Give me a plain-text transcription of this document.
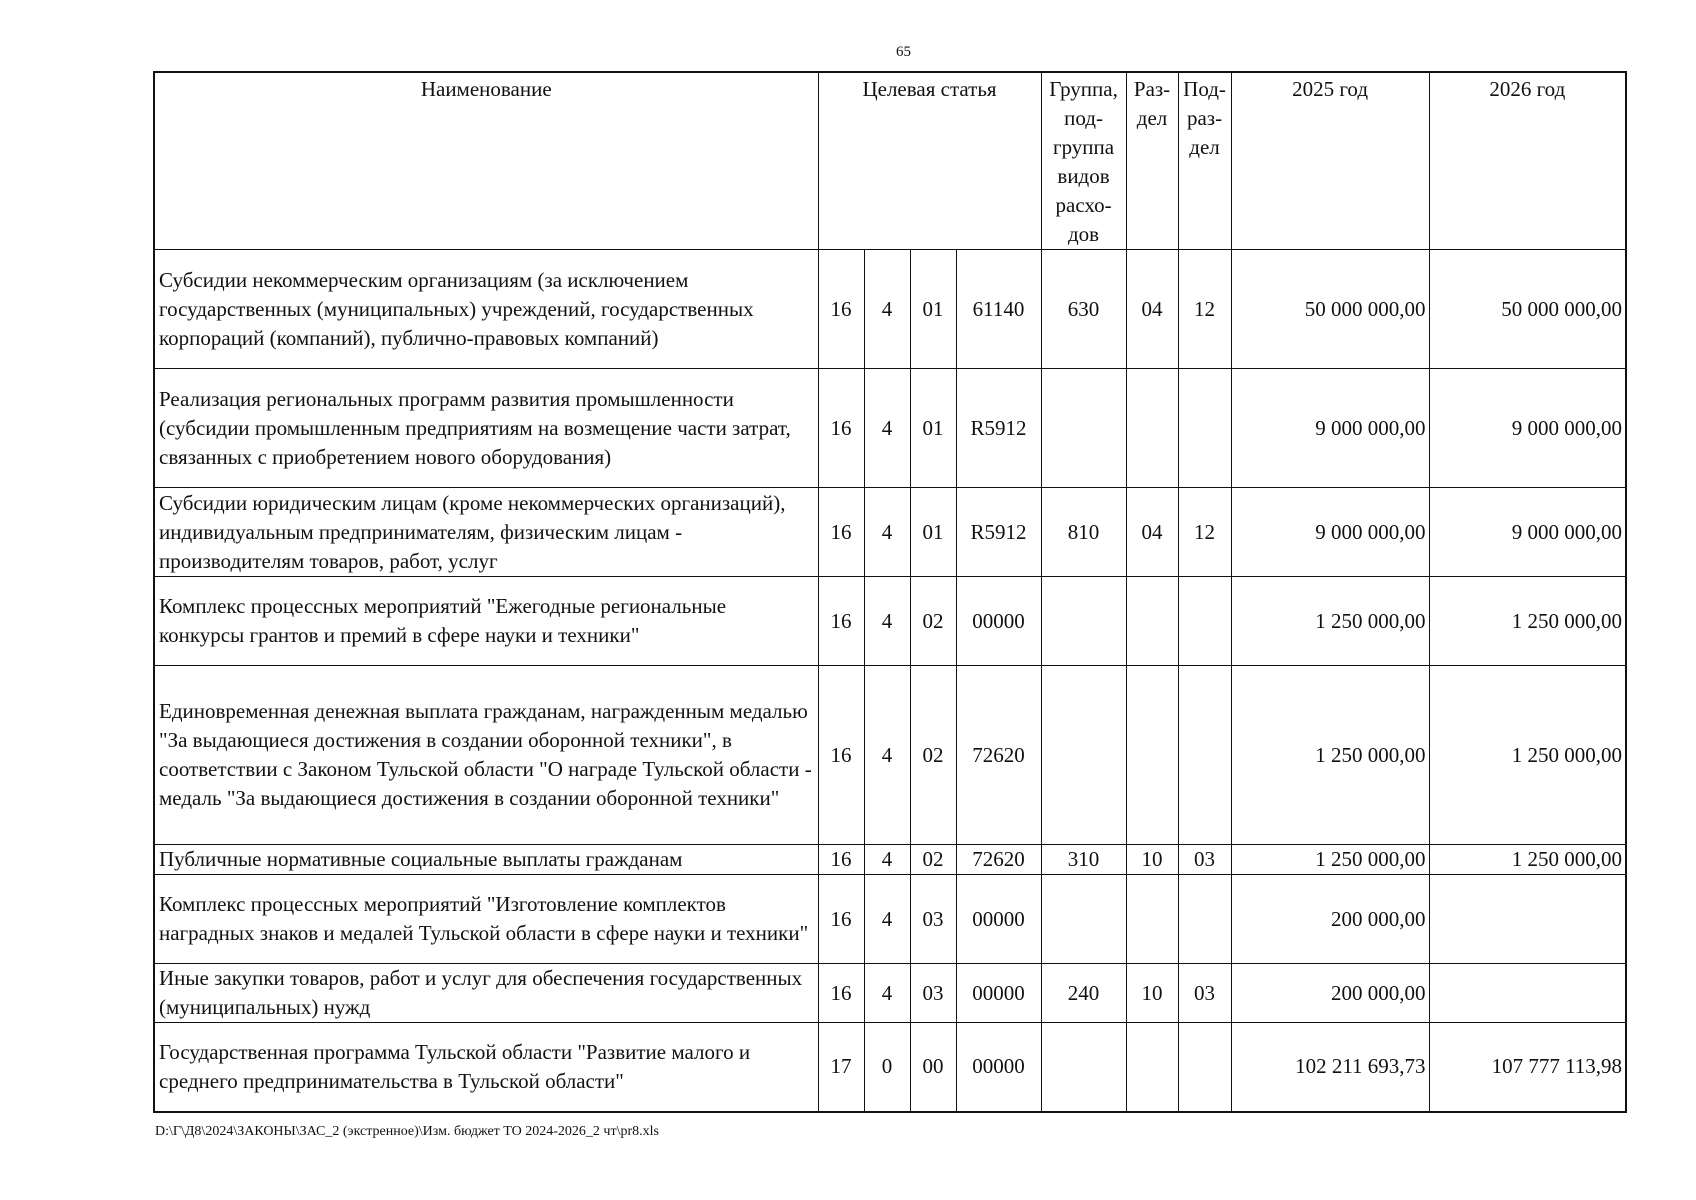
65
Наименование	Целевая статья				Группа, под-группа видов расхо-дов	Раз-дел	Под-раз-дел	2025 год	2026 год
Субсидии некоммерческим организациям (за исключением государственных (муниципальных) учреждений, государственных корпораций (компаний), публично-правовых компаний)	16	4	01	61140	630	04	12	50 000 000,00	50 000 000,00
Реализация региональных программ развития промышленности (субсидии промышленным предприятиям на возмещение части затрат, связанных с приобретением нового оборудования)	16	4	01	R5912				9 000 000,00	9 000 000,00
Субсидии юридическим лицам (кроме некоммерческих организаций), индивидуальным предпринимателям, физическим лицам - производителям товаров, работ, услуг	16	4	01	R5912	810	04	12	9 000 000,00	9 000 000,00
Комплекс процессных мероприятий "Ежегодные региональные конкурсы грантов и премий в сфере науки и техники"	16	4	02	00000				1 250 000,00	1 250 000,00
Единовременная денежная выплата гражданам, награжденным медалью "За выдающиеся достижения в создании оборонной техники", в соответствии с Законом Тульской области "О награде Тульской области - медаль "За выдающиеся достижения в создании оборонной техники"	16	4	02	72620				1 250 000,00	1 250 000,00
Публичные нормативные социальные выплаты гражданам	16	4	02	72620	310	10	03	1 250 000,00	1 250 000,00
Комплекс процессных мероприятий "Изготовление комплектов наградных знаков и медалей Тульской области в сфере науки и техники"	16	4	03	00000				200 000,00	
Иные закупки товаров, работ и услуг для обеспечения государственных (муниципальных) нужд	16	4	03	00000	240	10	03	200 000,00	
Государственная программа Тульской области "Развитие малого и среднего предпринимательства в Тульской области"	17	0	00	00000				102 211 693,73	107 777 113,98
D:\Г\Д8\2024\ЗАКОНЫ\ЗАС_2 (экстренное)\Изм. бюджет ТО 2024-2026_2 чт\pr8.xls
